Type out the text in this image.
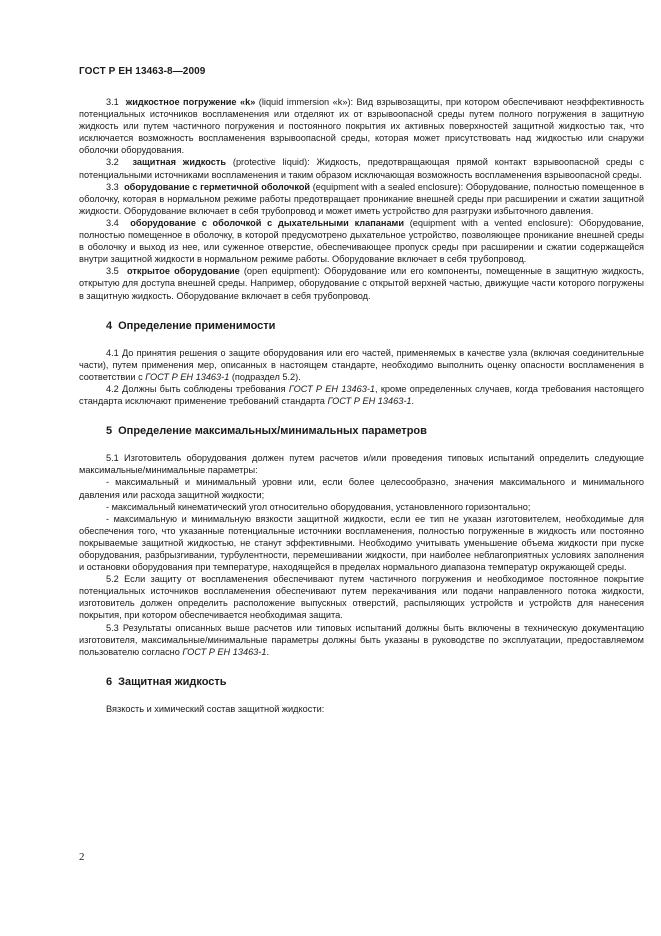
ГОСТ Р ЕН 13463-8—2009

3.1 жидкостное погружение «k» (liquid immersion «k»): Вид взрывозащиты, при котором обеспечивают неэффективность потенциальных источников воспламенения или отделяют их от взрывоопасной среды путем полного погружения в защитную жидкость или путем частичного погружения и постоянного покрытия их активных поверхностей защитной жидкостью так, что исключается возможность воспламенения взрывоопасной среды, которая может присутствовать над жидкостью или снаружи оболочки оборудования.

3.2 защитная жидкость (protective liquid): Жидкость, предотвращающая прямой контакт взрывоопасной среды с потенциальными источниками воспламенения и таким образом исключающая возможность воспламенения взрывоопасной среды.

3.3 оборудование с герметичной оболочкой (equipment with a sealed enclosure): Оборудование, полностью помещенное в оболочку, которая в нормальном режиме работы предотвращает проникание внешней среды при расширении и сжатии защитной жидкости. Оборудование включает в себя трубопровод и может иметь устройство для разгрузки избыточного давления.

3.4 оборудование с оболочкой с дыхательными клапанами (equipment with a vented enclosure): Оборудование, полностью помещенное в оболочку, в которой предусмотрено дыхательное устройство, позволяющее проникание внешней среды в оболочку и выход из нее, или суженное отверстие, обеспечивающее пропуск среды при расширении и сжатии содержащейся внутри защитной жидкости в нормальном режиме работы. Оборудование включает в себя трубопровод.

3.5 открытое оборудование (open equipment): Оборудование или его компоненты, помещенные в защитную жидкость, открытую для доступа внешней среды. Например, оборудование с открытой верхней частью, движущие части которого погружены в защитную жидкость. Оборудование включает в себя трубопровод.

4 Определение применимости

4.1 До принятия решения о защите оборудования или его частей, применяемых в качестве узла (включая соединительные части), путем применения мер, описанных в настоящем стандарте, необходимо выполнить оценку опасности воспламенения в соответствии с ГОСТ Р ЕН 13463-1 (подраздел 5.2).

4.2 Должны быть соблюдены требования ГОСТ Р ЕН 13463-1, кроме определенных случаев, когда требования настоящего стандарта исключают применение требований стандарта ГОСТ Р ЕН 13463-1.

5 Определение максимальных/минимальных параметров

5.1 Изготовитель оборудования должен путем расчетов и/или проведения типовых испытаний определить следующие максимальные/минимальные параметры:

- максимальный и минимальный уровни или, если более целесообразно, значения максимального и минимального давления или расхода защитной жидкости;

- максимальный кинематический угол относительно оборудования, установленного горизонтально;

- максимальную и минимальную вязкости защитной жидкости, если ее тип не указан изготовителем, необходимые для обеспечения того, что указанные потенциальные источники воспламенения, полностью погруженные в жидкость или постоянно покрываемые защитной жидкостью, не станут эффективными. Необходимо учитывать уменьшение объема жидкости при пуске оборудования, разбрызгивании, турбулентности, перемешивании жидкости, при наиболее неблагоприятных условиях заполнения и остановки оборудования при температуре, находящейся в пределах нормального диапазона температур окружающей среды.

5.2 Если защиту от воспламенения обеспечивают путем частичного погружения и необходимое постоянное покрытие потенциальных источников воспламенения обеспечивают путем перекачивания или подачи направленного потока жидкости, изготовитель должен определить расположение выпускных отверстий, распыляющих устройств и устройств для нанесения покрытия, при котором обеспечивается необходимая защита.

5.3 Результаты описанных выше расчетов или типовых испытаний должны быть включены в техническую документацию изготовителя, максимальные/минимальные параметры должны быть указаны в руководстве по эксплуатации, предоставляемом пользователю согласно ГОСТ Р ЕН 13463-1.

6 Защитная жидкость

Вязкость и химический состав защитной жидкости:

2
